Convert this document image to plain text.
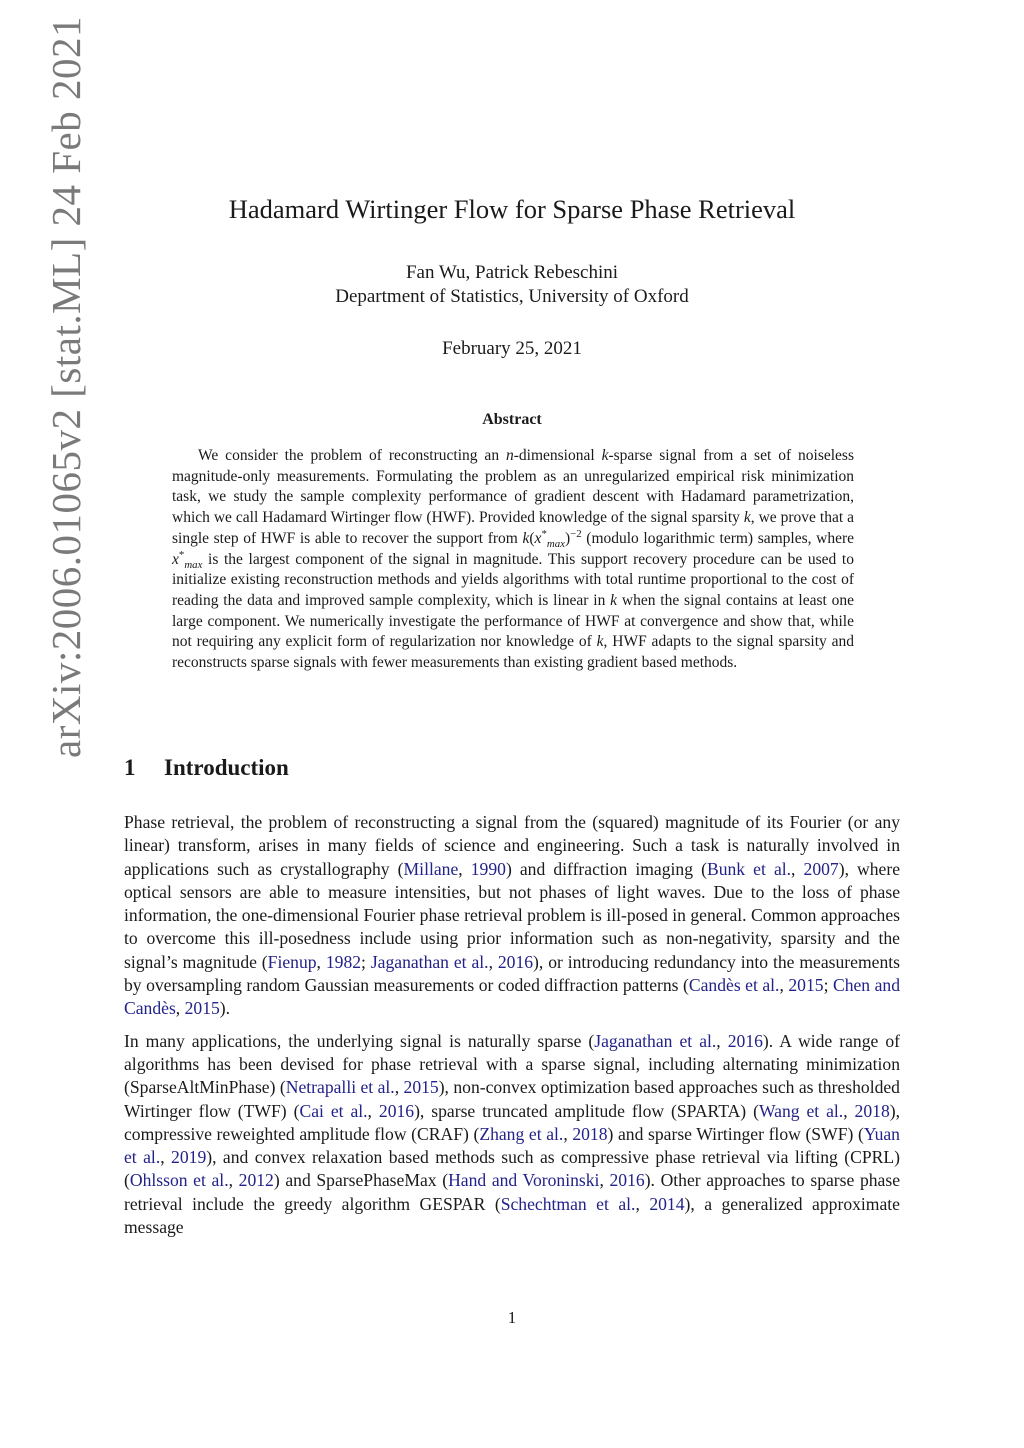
arXiv:2006.01065v2 [stat.ML] 24 Feb 2021	Hadamard Wirtinger Flow for Sparse Phase Retrieval
Fan Wu, Patrick Rebeschini
Department of Statistics, University of Oxford
February 25, 2021
Abstract

We consider the problem of reconstructing an n-dimensional k-sparse signal from a set of noiseless magnitude-only measurements. Formulating the problem as an unregularized empirical risk minimization task, we study the sample complexity performance of gradient descent with Hadamard parametrization, which we call Hadamard Wirtinger flow (HWF). Provided knowledge of the signal sparsity k, we prove that a single step of HWF is able to recover the support from $k(x^*_{max})^{-2}$ (modulo logarithmic term) samples, where $x^*_{max}$ is the largest component of the signal in magnitude. This support recovery procedure can be used to initialize existing reconstruction methods and yields algorithms with total runtime proportional to the cost of reading the data and improved sample complexity, which is linear in k when the signal contains at least one large component. We numerically investigate the performance of HWF at convergence and show that, while not requiring any explicit form of regularization nor knowledge of k, HWF adapts to the signal sparsity and reconstructs sparse signals with fewer measurements than existing gradient based methods.

1 Introduction

Phase retrieval, the problem of reconstructing a signal from the (squared) magnitude of its Fourier (or any linear) transform, arises in many fields of science and engineering. Such a task is naturally involved in applications such as crystallography (Millane, 1990) and diffraction imaging (Bunk et al., 2007), where optical sensors are able to measure intensities, but not phases of light waves. Due to the loss of phase information, the one-dimensional Fourier phase retrieval problem is ill-posed in general. Common approaches to overcome this ill-posedness include using prior information such as non-negativity, sparsity and the signal’s magnitude (Fienup, 1982; Jaganathan et al., 2016), or introducing redundancy into the measurements by oversampling random Gaussian measurements or coded diffraction patterns (Candès et al., 2015; Chen and Candès, 2015).

In many applications, the underlying signal is naturally sparse (Jaganathan et al., 2016). A wide range of algorithms has been devised for phase retrieval with a sparse signal, including alternating minimization (SparseAltMinPhase) (Netrapalli et al., 2015), non-convex optimization based approaches such as thresholded Wirtinger flow (TWF) (Cai et al., 2016), sparse truncated amplitude flow (SPARTA) (Wang et al., 2018), compressive reweighted amplitude flow (CRAF) (Zhang et al., 2018) and sparse Wirtinger flow (SWF) (Yuan et al., 2019), and convex relaxation based methods such as compressive phase retrieval via lifting (CPRL) (Ohlsson et al., 2012) and SparsePhaseMax (Hand and Voroninski, 2016). Other approaches to sparse phase retrieval include the greedy algorithm GESPAR (Schechtman et al., 2014), a generalized approximate message

1
